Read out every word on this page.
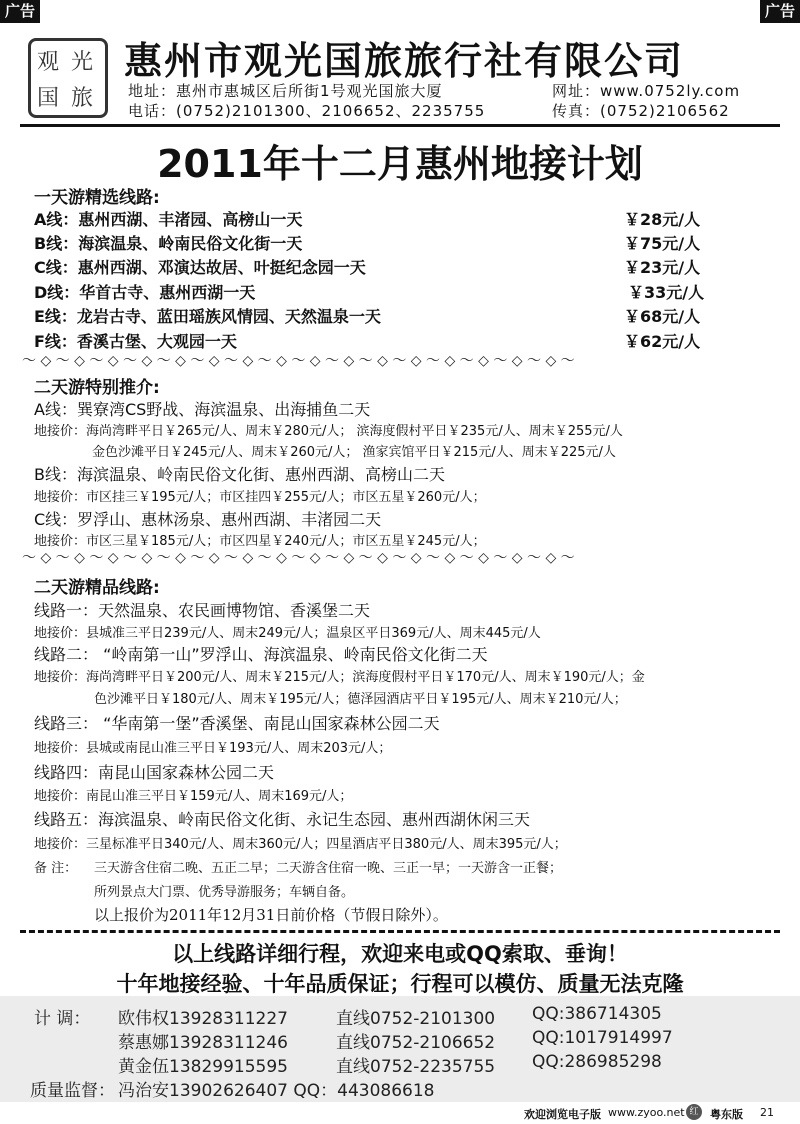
广告	广告
观 光
国 旅
惠州市观光国旅旅行社有限公司
地址：惠州市惠城区后所街1号观光国旅大厦	网址：www.0752ly.com
电话：(0752)2101300、2106652、2235755	传真：(0752)2106562
2011年十二月惠州地接计划
一天游精选线路:
A线：惠州西湖、丰渚园、高榜山一天	￥28元/人
B线：海滨温泉、岭南民俗文化街一天	￥75元/人
C线：惠州西湖、邓演达故居、叶挺纪念园一天	￥23元/人
D线：华首古寺、惠州西湖一天	￥33元/人
E线：龙岩古寺、蓝田瑶族风情园、天然温泉一天	￥68元/人
F线：香溪古堡、大观园一天	￥62元/人
～ ◇ ～ ◇ ～ ◇ ～ ◇ ～ ◇ ～ ◇ ～ ◇ ～ ◇ ～ ◇ ～ ◇ ～ ◇ ～ ◇ ～ ◇ ～ ◇ ～ ◇ ～ ◇ ～
二天游特别推介:
A线：巽寮湾CS野战、海滨温泉、出海捕鱼二天
地接价：海尚湾畔平日￥265元/人、周末￥280元/人； 滨海度假村平日￥235元/人、周末￥255元/人
金色沙滩平日￥245元/人、周末￥260元/人； 渔家宾馆平日￥215元/人、周末￥225元/人
B线：海滨温泉、岭南民俗文化街、惠州西湖、高榜山二天
地接价：市区挂三￥195元/人；市区挂四￥255元/人；市区五星￥260元/人；
C线：罗浮山、惠林汤泉、惠州西湖、丰渚园二天
地接价：市区三星￥185元/人；市区四星￥240元/人；市区五星￥245元/人；
～ ◇ ～ ◇ ～ ◇ ～ ◇ ～ ◇ ～ ◇ ～ ◇ ～ ◇ ～ ◇ ～ ◇ ～ ◇ ～ ◇ ～ ◇ ～ ◇ ～ ◇ ～ ◇ ～
二天游精品线路:
线路一：天然温泉、农民画博物馆、香溪堡二天
地接价：县城准三平日239元/人、周末249元/人；温泉区平日369元/人、周末445元/人
线路二： “岭南第一山”罗浮山、海滨温泉、岭南民俗文化街二天
地接价：海尚湾畔平日￥200元/人、周末￥215元/人；滨海度假村平日￥170元/人、周末￥190元/人；金
色沙滩平日￥180元/人、周末￥195元/人；德泽园酒店平日￥195元/人、周末￥210元/人；
线路三： “华南第一堡”香溪堡、南昆山国家森林公园二天
地接价：县城或南昆山准三平日￥193元/人、周末203元/人；
线路四：南昆山国家森林公园二天
地接价：南昆山准三平日￥159元/人、周末169元/人；
线路五：海滨温泉、岭南民俗文化街、永记生态园、惠州西湖休闲三天
地接价：三星标准平日340元/人、周末360元/人；四星酒店平日380元/人、周末395元/人；
备 注： 三天游含住宿二晚、五正二早；二天游含住宿一晚、三正一早；一天游含一正餐；
所列景点大门票、优秀导游服务；车辆自备。
以上报价为2011年12月31日前价格（节假日除外）。
以上线路详细行程，欢迎来电或QQ索取、垂询！
十年地接经验、十年品质保证；行程可以模仿、质量无法克隆
计 调： 欧伟权13928311227	直线0752-2101300 QQ:386714305
蔡惠娜13928311246	直线0752-2106652 QQ:1017914997
黄金伍13829915595	直线0752-2235755 QQ:286985298
质量监督： 冯治安13902626407 QQ：443086618
欢迎浏览电子版 www.zyoo.net 红	粤东版 21
